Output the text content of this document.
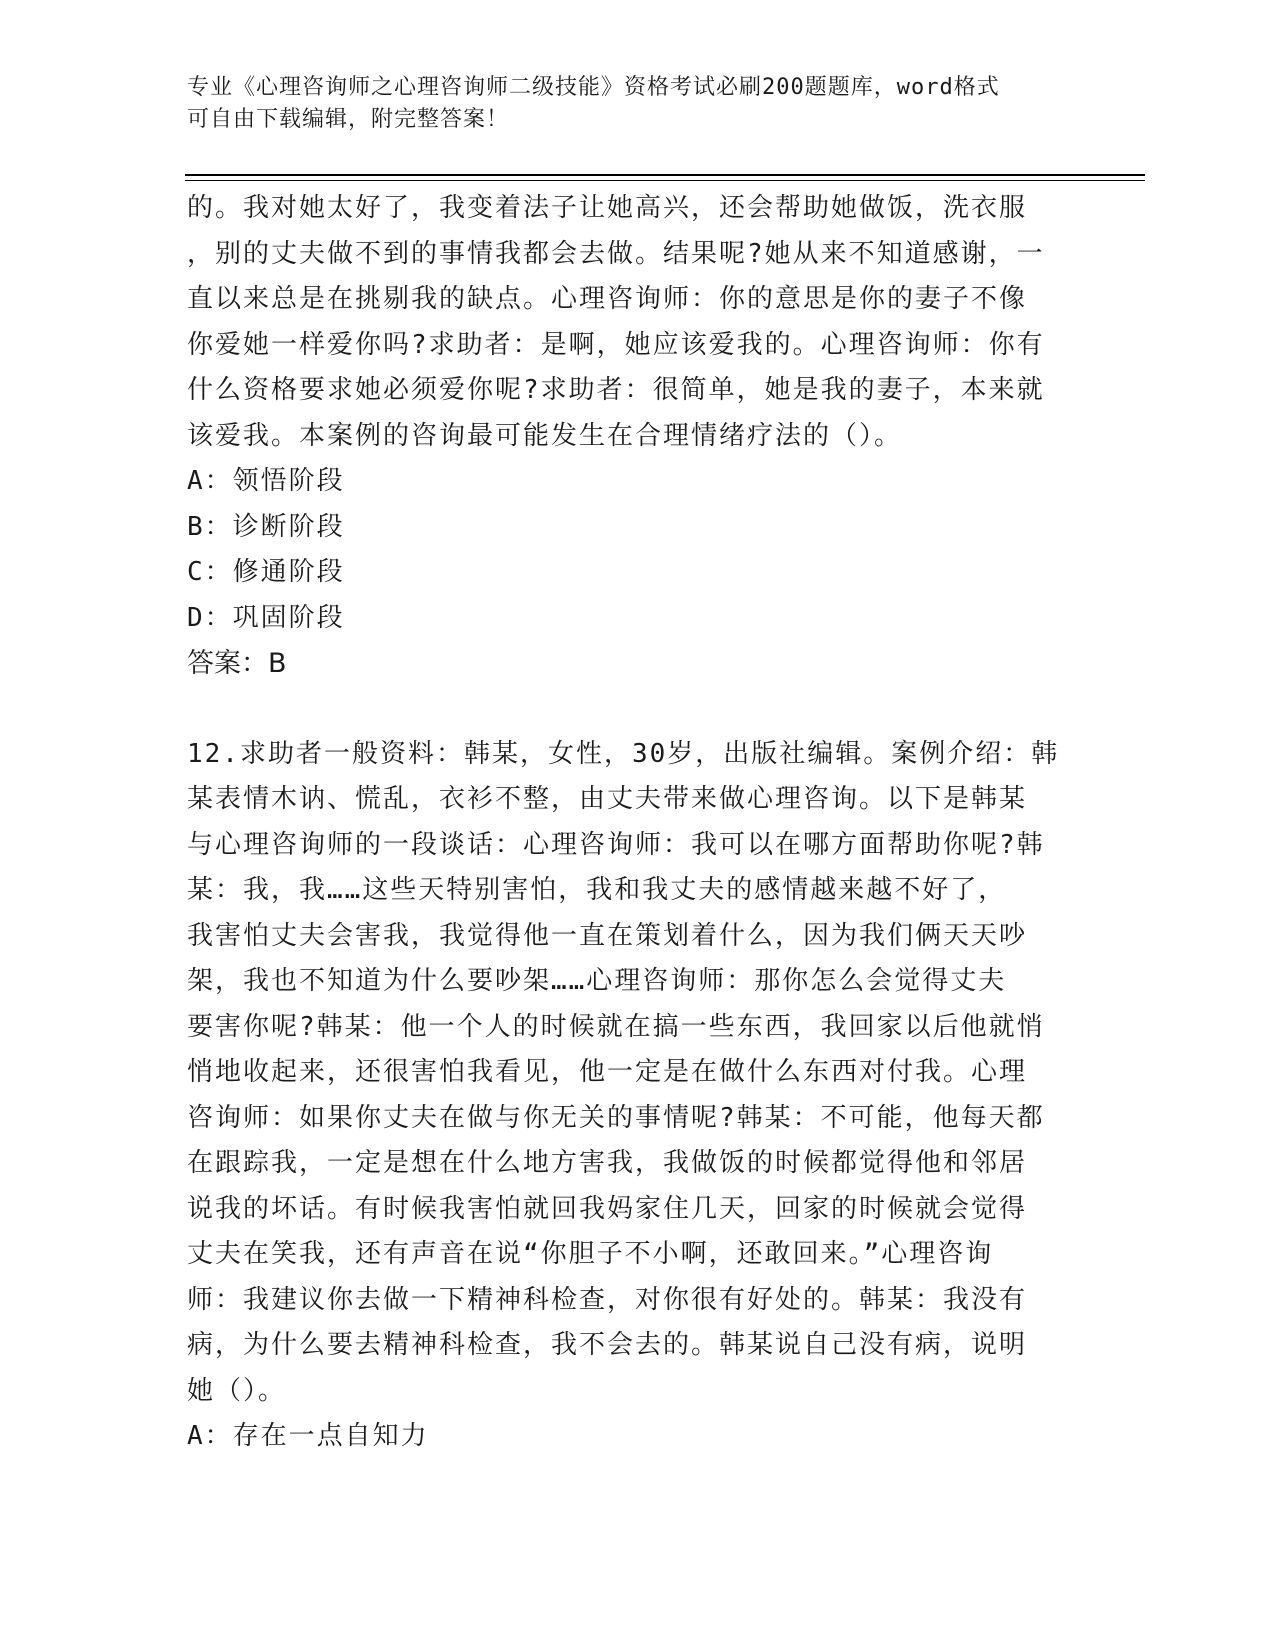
专业《心理咨询师之心理咨询师二级技能》资格考试必刷200题题库，word格式
可自由下载编辑，附完整答案！
的。我对她太好了，我变着法子让她高兴，还会帮助她做饭，洗衣服
，别的丈夫做不到的事情我都会去做。结果呢?她从来不知道感谢，一
直以来总是在挑剔我的缺点。心理咨询师：你的意思是你的妻子不像
你爱她一样爱你吗?求助者：是啊，她应该爱我的。心理咨询师：你有
什么资格要求她必须爱你呢?求助者：很简单，她是我的妻子，本来就
该爱我。本案例的咨询最可能发生在合理情绪疗法的（）。
A：领悟阶段
B：诊断阶段
C：修通阶段
D：巩固阶段
答案：B
12.求助者一般资料：韩某，女性，30岁，出版社编辑。案例介绍：韩
某表情木讷、慌乱，衣衫不整，由丈夫带来做心理咨询。以下是韩某
与心理咨询师的一段谈话：心理咨询师：我可以在哪方面帮助你呢?韩
某：我，我……这些天特别害怕，我和我丈夫的感情越来越不好了，
我害怕丈夫会害我，我觉得他一直在策划着什么，因为我们俩天天吵
架，我也不知道为什么要吵架……心理咨询师：那你怎么会觉得丈夫
要害你呢?韩某：他一个人的时候就在搞一些东西，我回家以后他就悄
悄地收起来，还很害怕我看见，他一定是在做什么东西对付我。心理
咨询师：如果你丈夫在做与你无关的事情呢?韩某：不可能，他每天都
在跟踪我，一定是想在什么地方害我，我做饭的时候都觉得他和邻居
说我的坏话。有时候我害怕就回我妈家住几天，回家的时候就会觉得
丈夫在笑我，还有声音在说“你胆子不小啊，还敢回来。”心理咨询
师：我建议你去做一下精神科检查，对你很有好处的。韩某：我没有
病，为什么要去精神科检查，我不会去的。韩某说自己没有病，说明
她（）。
A：存在一点自知力
